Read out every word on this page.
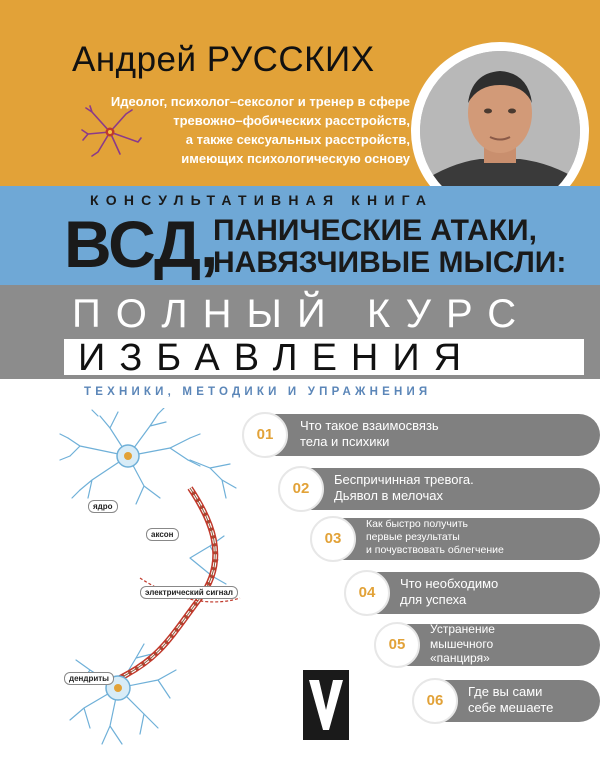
Андрей РУССКИХ
Идеолог, психолог–сексолог и тренер в сфере
тревожно–фобических расстройств,
а также сексуальных расстройств,
имеющих психологическую основу
КОНСУЛЬТАТИВНАЯ КНИГА
ВСД,
ПАНИЧЕСКИЕ АТАКИ,
НАВЯЗЧИВЫЕ МЫСЛИ:
ПОЛНЫЙ КУРС
ИЗБАВЛЕНИЯ
ТЕХНИКИ, МЕТОДИКИ И УПРАЖНЕНИЯ
ядро
аксон
электрический сигнал
дендриты
01
Что такое взаимосвязь
тела и психики
02
Беспричинная тревога.
Дьявол в мелочах
03
Как быстро получить
первые результаты
и почувствовать облегчение
04
Что необходимо
для успеха
05
Устранение
мышечного
«панциря»
06
Где вы сами
себе мешаете
